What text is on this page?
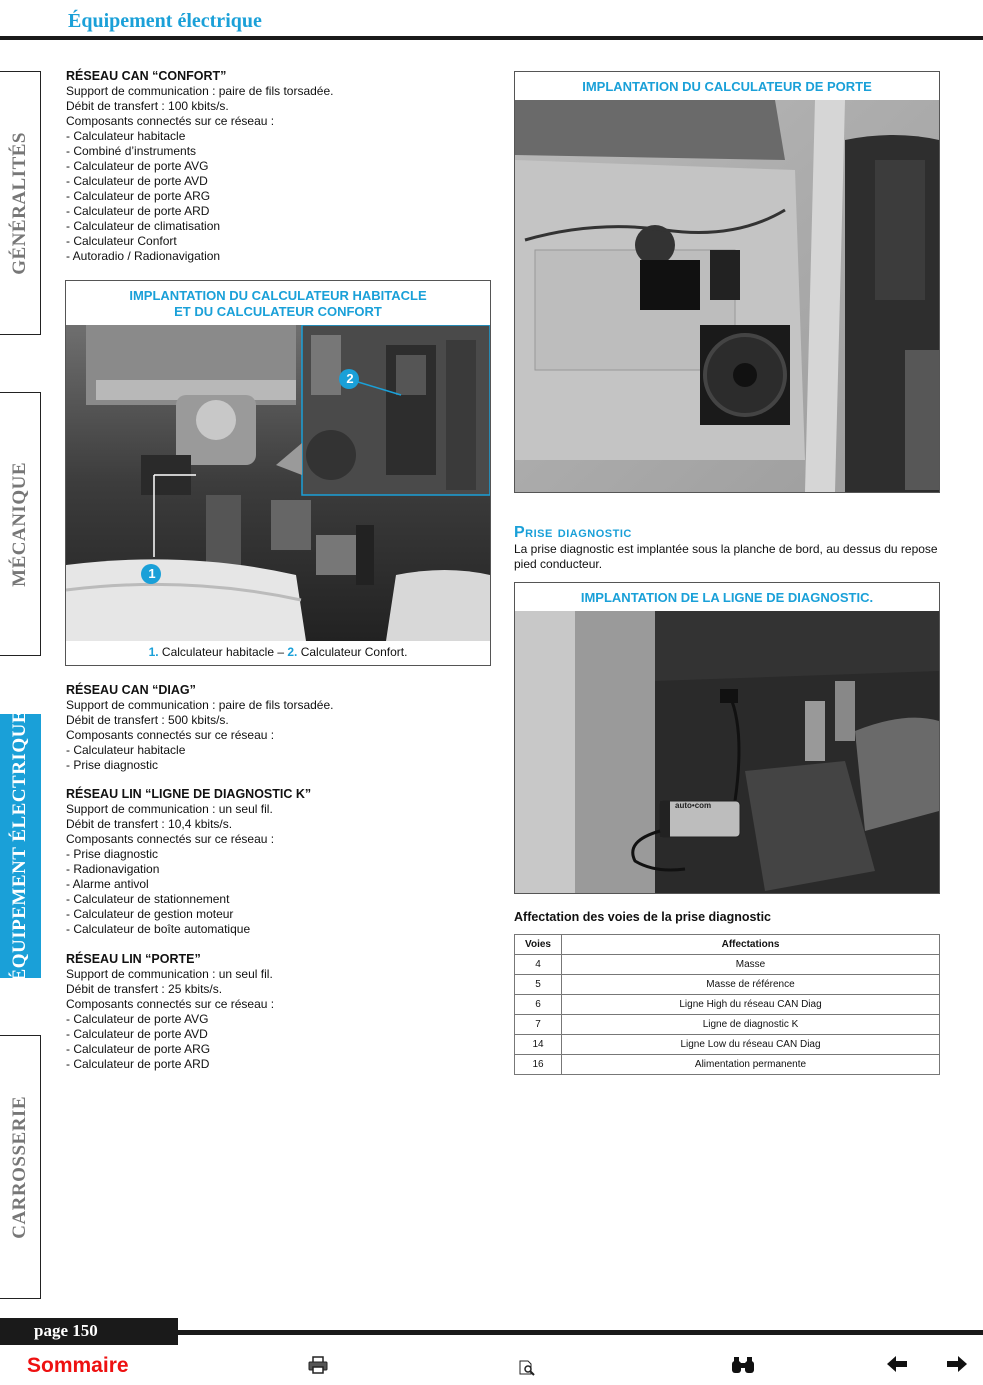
Équipement électrique
GÉNÉRALITÉS
MÉCANIQUE
ÉQUIPEMENT ÉLECTRIQUE
CARROSSERIE
RÉSEAU CAN “CONFORT”
Support de communication : paire de fils torsadée.
Débit de transfert : 100 kbits/s.
Composants connectés sur ce réseau :
- Calculateur habitacle
- Combiné d’instruments
- Calculateur de porte AVG
- Calculateur de porte AVD
- Calculateur de porte ARG
- Calculateur de porte ARD
- Calculateur de climatisation
- Calculateur Confort
- Autoradio / Radionavigation
IMPLANTATION DU CALCULATEUR HABITACLE
ET DU CALCULATEUR CONFORT
2
1
1. Calculateur habitacle – 2. Calculateur Confort.
RÉSEAU CAN “DIAG”
Support de communication : paire de fils torsadée.
Débit de transfert : 500 kbits/s.
Composants connectés sur ce réseau :
- Calculateur habitacle
- Prise diagnostic
RÉSEAU LIN “LIGNE DE DIAGNOSTIC K”
Support de communication : un seul fil.
Débit de transfert : 10,4 kbits/s.
Composants connectés sur ce réseau :
- Prise diagnostic
- Radionavigation
- Alarme antivol
- Calculateur de stationnement
- Calculateur de gestion moteur
- Calculateur de boîte automatique
RÉSEAU LIN “PORTE”
Support de communication : un seul fil.
Débit de transfert : 25 kbits/s.
Composants connectés sur ce réseau :
- Calculateur de porte AVG
- Calculateur de porte AVD
- Calculateur de porte ARG
- Calculateur de porte ARD
IMPLANTATION DU CALCULATEUR DE PORTE
Prise diagnostic
La prise diagnostic est implantée sous la planche de bord, au dessus du repose
pied conducteur.
IMPLANTATION DE LA LIGNE DE DIAGNOSTIC.
auto•com
Affectation des voies de la prise diagnostic
Voies	Affectations
4	Masse
5	Masse de référence
6	Ligne High du réseau CAN Diag
7	Ligne de diagnostic K
14	Ligne Low du réseau CAN Diag
16	Alimentation permanente
page 150
Sommaire
